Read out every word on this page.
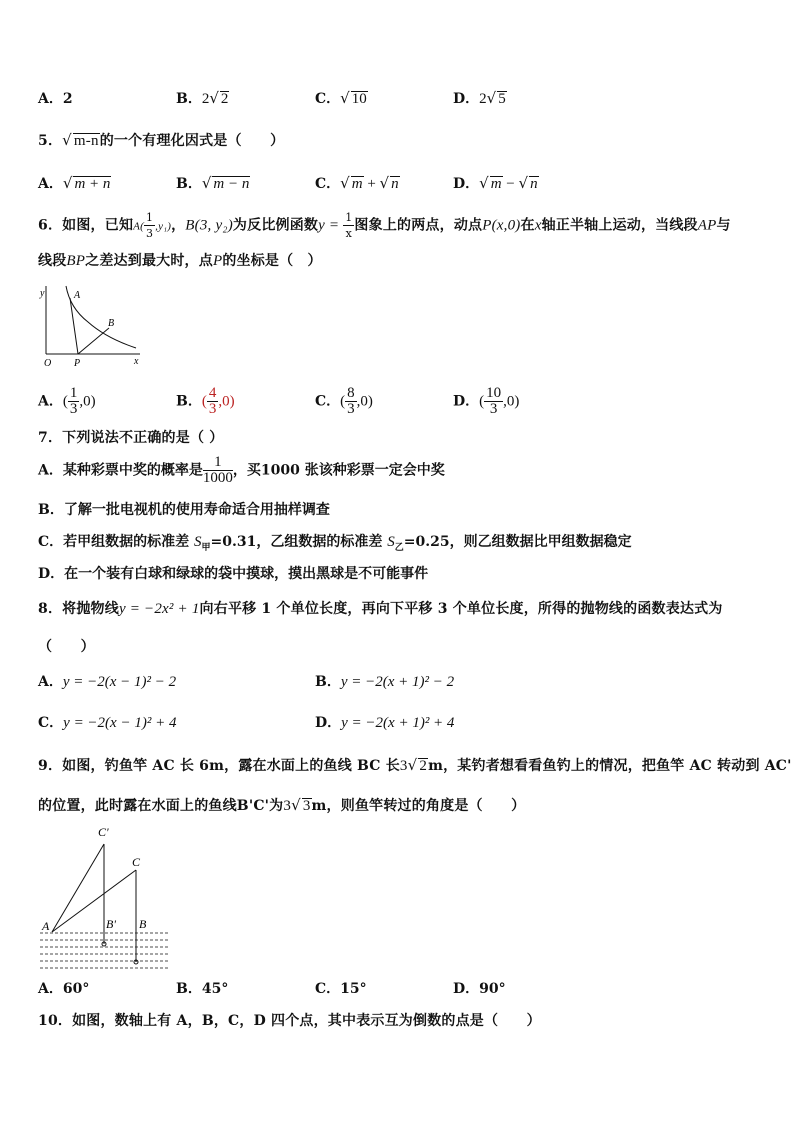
A．2	B．2√ 2	C．√ 10	D．2√ 5
5．√ m-n的一个有理化因式是（　　）
A．√ m + n	B．√ m − n	C．√ m + √ n	D．√ m − √ n
6．如图，已知$A( \frac{1}{3} ,y_1)$，B(3, y₂)为反比例函数$y = \frac{1}{x}$ 图象上的两点，动点P(x,0)在x轴正半轴上运动，当线段AP与
线段BP之差达到最大时，点P的坐标是（　）
y	A
B
O P	x
A．( $\frac{1}{3} ,0$)	B．( $\frac{4}{3} ,0$)	C．( $\frac{8}{3} ,0$)	D．( $\frac{10}{3} ,0$)
7．下列说法不正确的是（ ）
A．某种彩票中奖的概率是 $\frac{1}{1000}$ ，买1000 张该种彩票一定会中奖
B．了解一批电视机的使用寿命适合用抽样调查
C．若甲组数据的标准差 $S_甲=0.31$，乙组数据的标准差 $S_乙=0.25$，则乙组数据比甲组数据稳定
D．在一个装有白球和绿球的袋中摸球，摸出黑球是不可能事件
8．将抛物线y = −2x² + 1向右平移 1 个单位长度，再向下平移 3 个单位长度，所得的抛物线的函数表达式为
（　　）
A．y = −2(x − 1)² − 2	B．y = −2(x + 1)² − 2
C．y = −2(x − 1)² + 4	D．y = −2(x + 1)² + 4
9．如图，钓鱼竿 AC 长 6m，露在水面上的鱼线 BC 长3√ 2m，某钓者想看看鱼钓上的情况，把鱼竿 AC 转动到 AC'
的位置，此时露在水面上的鱼线B'C'为3√ 3m，则鱼竿转过的角度是（　　）
C'
C
A	B' B
A．60°	B．45°	C．15°	D．90°
10．如图，数轴上有 A，B，C，D 四个点，其中表示互为倒数的点是（　　）
